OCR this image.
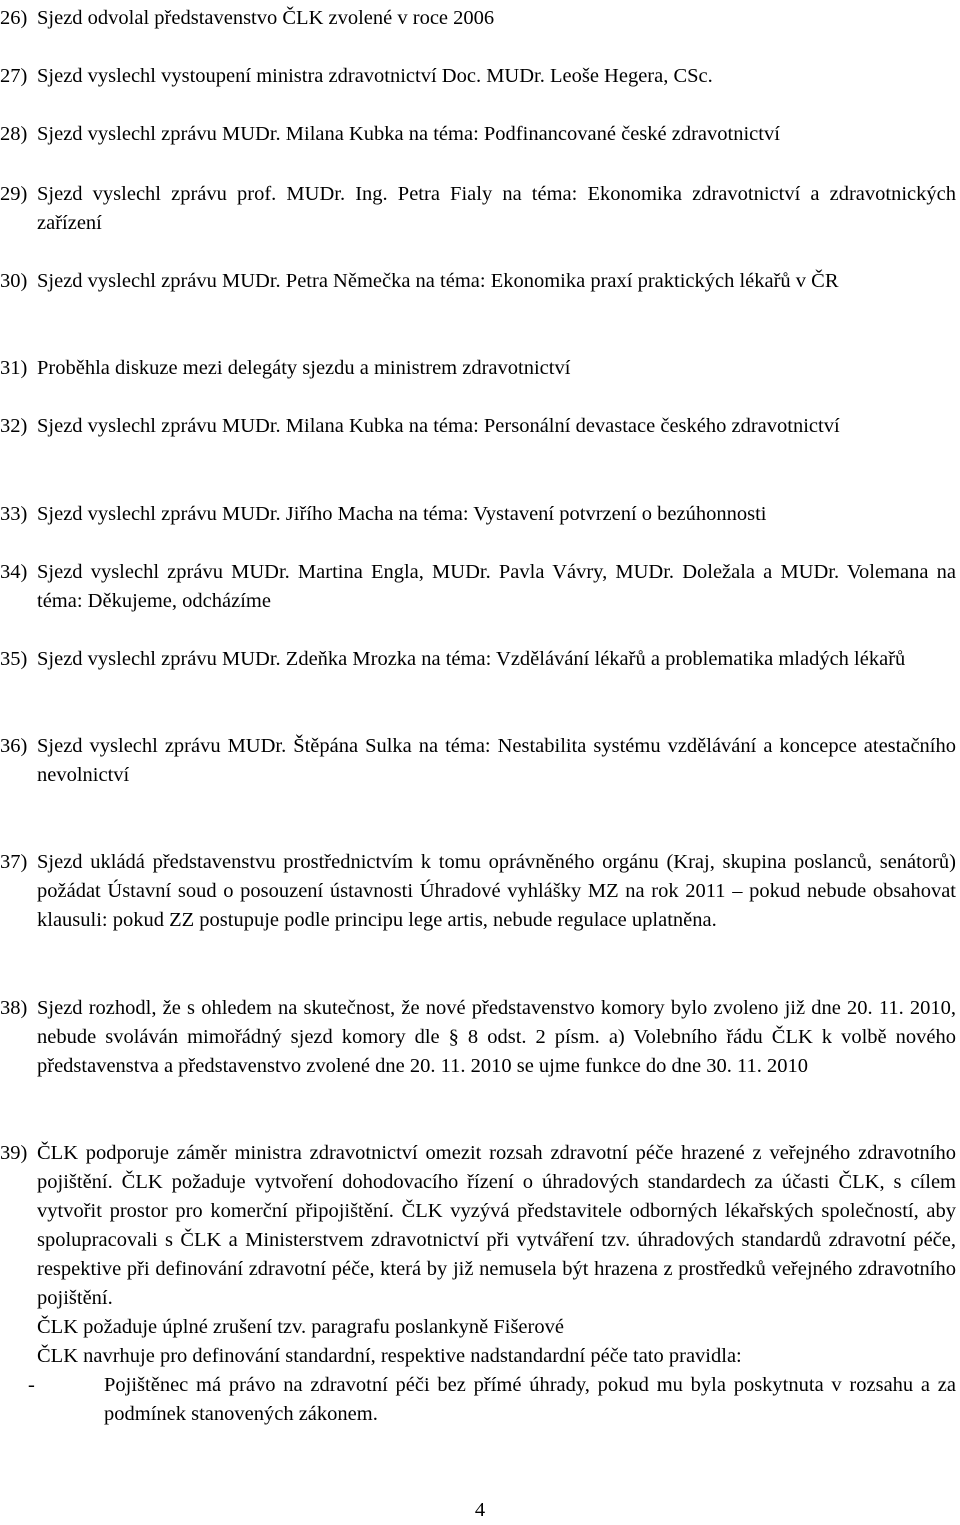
26) Sjezd odvolal představenstvo ČLK zvolené v roce 2006
27) Sjezd vyslechl vystoupení ministra zdravotnictví Doc. MUDr. Leoše Hegera, CSc.
28) Sjezd vyslechl zprávu MUDr. Milana Kubka na téma: Podfinancované české zdravotnictví
29) Sjezd vyslechl zprávu prof. MUDr. Ing. Petra Fialy na téma: Ekonomika zdravotnictví a zdravotnických zařízení
30) Sjezd vyslechl zprávu MUDr. Petra Němečka na téma: Ekonomika praxí praktických lékařů v ČR
31) Proběhla diskuze mezi delegáty sjezdu a ministrem zdravotnictví
32) Sjezd vyslechl zprávu MUDr. Milana Kubka na téma: Personální devastace českého zdravotnictví
33) Sjezd vyslechl zprávu MUDr. Jiřího Macha na téma: Vystavení potvrzení o bezúhonnosti
34) Sjezd vyslechl zprávu MUDr. Martina Engla, MUDr. Pavla Vávry, MUDr. Doležala a MUDr. Volemana na téma: Děkujeme, odcházíme
35) Sjezd vyslechl zprávu MUDr. Zdeňka Mrozka na téma: Vzdělávání lékařů a problematika mladých lékařů
36) Sjezd vyslechl zprávu MUDr. Štěpána Sulka na téma: Nestabilita systému vzdělávání a koncepce atestačního nevolnictví
37) Sjezd ukládá představenstvu prostřednictvím k tomu oprávněného orgánu (Kraj, skupina poslanců, senátorů) požádat Ústavní soud o posouzení ústavnosti Úhradové vyhlášky MZ na rok 2011 – pokud nebude obsahovat klausuli: pokud ZZ postupuje podle principu lege artis, nebude regulace uplatněna.
38) Sjezd rozhodl, že s ohledem na skutečnost, že nové představenstvo komory bylo zvoleno již dne 20. 11. 2010, nebude svoláván mimořádný sjezd komory dle § 8 odst. 2 písm. a) Volebního řádu ČLK k volbě nového představenstva a představenstvo zvolené dne 20. 11. 2010 se ujme funkce do dne 30. 11. 2010
39) ČLK podporuje záměr ministra zdravotnictví omezit rozsah zdravotní péče hrazené z veřejného zdravotního pojištění. ČLK požaduje vytvoření dohodovacího řízení o úhradových standardech za účasti ČLK, s cílem vytvořit prostor pro komerční připojištění. ČLK vyzývá představitele odborných lékařských společností, aby spolupracovali s ČLK a Ministerstvem zdravotnictví při vytváření tzv. úhradových standardů zdravotní péče, respektive při definování zdravotní péče, která by již nemusela být hrazena z prostředků veřejného zdravotního pojištění.
ČLK požaduje úplné zrušení tzv. paragrafu poslankyně Fišerové
ČLK navrhuje pro definování standardní, respektive nadstandardní péče tato pravidla:
-	Pojištěnec má právo na zdravotní péči bez přímé úhrady, pokud mu byla poskytnuta v rozsahu a za podmínek stanovených zákonem.
4
